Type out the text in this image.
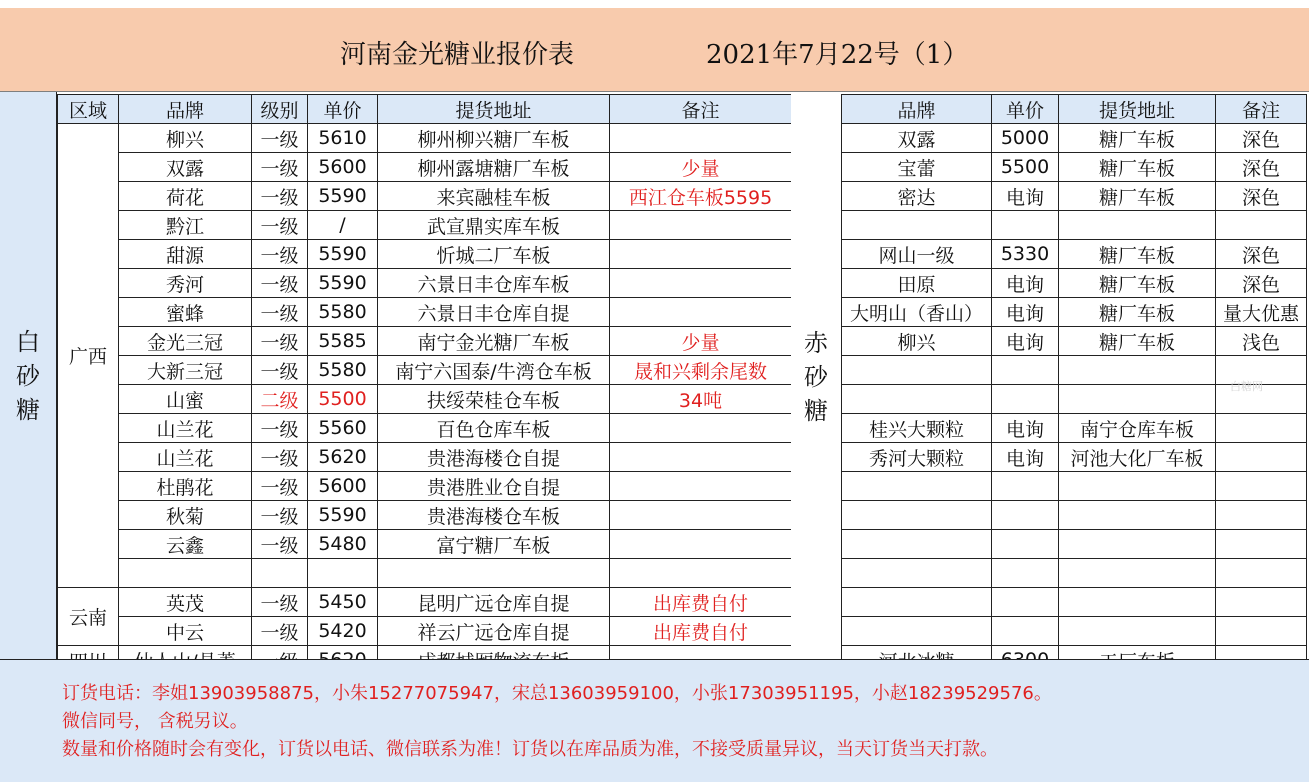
河南金光糖业报价表	2021年7月22号（1）
白
砂
糖
区域	品牌	级别	单价	提货地址	备注
广西	柳兴	一级	5610	柳州柳兴糖厂车板	
	双露	一级	5600	柳州露塘糖厂车板	少量
	荷花	一级	5590	来宾融桂车板	西江仓车板5595
	黔江	一级	/	武宣鼎实库车板	
	甜源	一级	5590	忻城二厂车板	
	秀河	一级	5590	六景日丰仓库车板	
	蜜蜂	一级	5580	六景日丰仓库自提	
	金光三冠	一级	5585	南宁金光糖厂车板	少量
	大新三冠	一级	5580	南宁六国泰/牛湾仓车板	晟和兴剩余尾数
	山蜜	二级	5500	扶绥荣桂仓车板	34吨
	山兰花	一级	5560	百色仓库车板	
	山兰花	一级	5620	贵港海楼仓自提	
	杜鹃花	一级	5600	贵港胜业仓自提	
	秋菊	一级	5590	贵港海楼仓车板	
	云鑫	一级	5480	富宁糖厂车板	

云南	英茂	一级	5450	昆明广远仓库自提	出库费自付
	中云	一级	5420	祥云广远仓库自提	出库费自付

赤
砂
糖
品牌	单价	提货地址	备注
双露	5000	糖厂车板	深色
宝蕾	5500	糖厂车板	深色
密达	电询	糖厂车板	深色

网山一级	5330	糖厂车板	深色
田原	电询	糖厂车板	深色
大明山（香山）	电询	糖厂车板	量大优惠
柳兴	电询	糖厂车板	浅色

桂兴大颗粒	电询	南宁仓库车板	
秀河大颗粒	电询	河池大化厂车板	

白糖网
订货电话：李姐13903958875，小朱15277075947，宋总13603959100，小张17303951195，小赵18239529576。
微信同号， 含税另议。
数量和价格随时会有变化，订货以电话、微信联系为准！订货以在库品质为准，不接受质量异议，当天订货当天打款。
